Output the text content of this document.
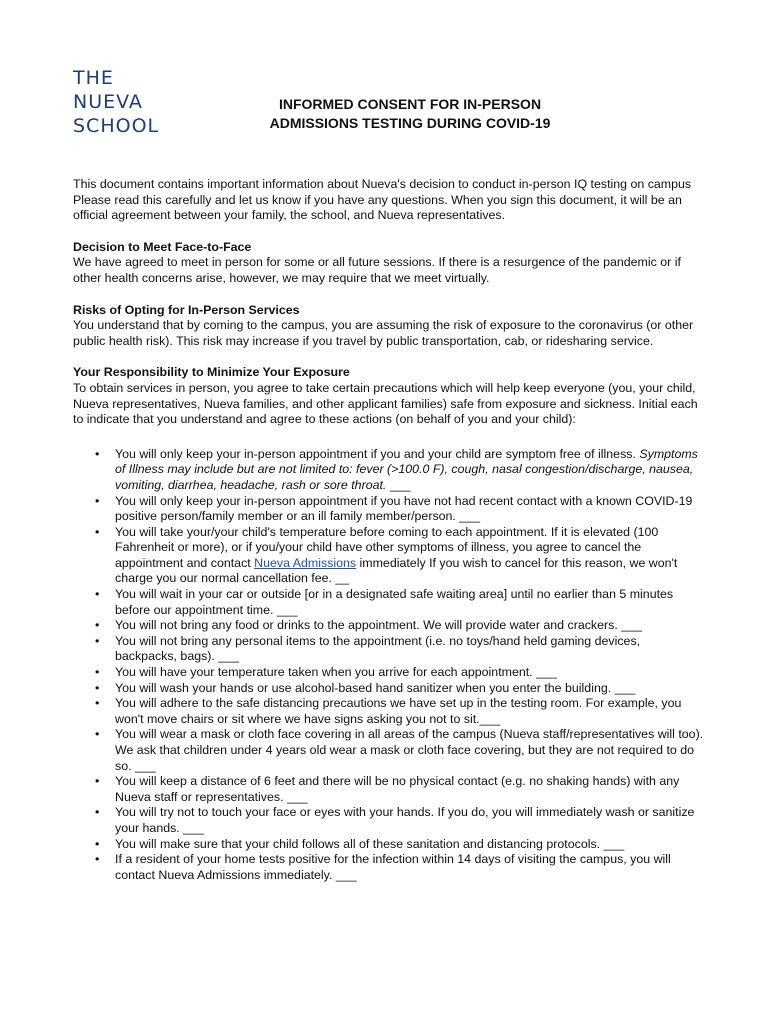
THE
NUEVA
SCHOOL
INFORMED CONSENT FOR IN-PERSON
ADMISSIONS TESTING DURING COVID-19

This document contains important information about Nueva's decision to conduct in-person IQ testing on campus Please read this carefully and let us know if you have any questions. When you sign this document, it will be an official agreement between your family, the school, and Nueva representatives.

Decision to Meet Face-to-Face

We have agreed to meet in person for some or all future sessions. If there is a resurgence of the pandemic or if other health concerns arise, however, we may require that we meet virtually.

Risks of Opting for In-Person Services

You understand that by coming to the campus, you are assuming the risk of exposure to the coronavirus (or other public health risk). This risk may increase if you travel by public transportation, cab, or ridesharing service.

Your Responsibility to Minimize Your Exposure

To obtain services in person, you agree to take certain precautions which will help keep everyone (you, your child, Nueva representatives, Nueva families, and other applicant families) safe from exposure and sickness. Initial each to indicate that you understand and agree to these actions (on behalf of you and your child):

• You will only keep your in-person appointment if you and your child are symptom free of illness. Symptoms of Illness may include but are not limited to: fever (>100.0 F), cough, nasal congestion/discharge, nausea, vomiting, diarrhea, headache, rash or sore throat. ___
• You will only keep your in-person appointment if you have not had recent contact with a known COVID-19 positive person/family member or an ill family member/person. ___
• You will take your/your child's temperature before coming to each appointment. If it is elevated (100 Fahrenheit or more), or if you/your child have other symptoms of illness, you agree to cancel the appointment and contact Nueva Admissions immediately If you wish to cancel for this reason, we won't charge you our normal cancellation fee. __
• You will wait in your car or outside [or in a designated safe waiting area] until no earlier than 5 minutes before our appointment time. ___
• You will not bring any food or drinks to the appointment. We will provide water and crackers. ___
• You will not bring any personal items to the appointment (i.e. no toys/hand held gaming devices, backpacks, bags). ___
• You will have your temperature taken when you arrive for each appointment. ___
• You will wash your hands or use alcohol-based hand sanitizer when you enter the building. ___
• You will adhere to the safe distancing precautions we have set up in the testing room. For example, you won't move chairs or sit where we have signs asking you not to sit.___
• You will wear a mask or cloth face covering in all areas of the campus (Nueva staff/representatives will too). We ask that children under 4 years old wear a mask or cloth face covering, but they are not required to do so. ___
• You will keep a distance of 6 feet and there will be no physical contact (e.g. no shaking hands) with any Nueva staff or representatives. ___
• You will try not to touch your face or eyes with your hands. If you do, you will immediately wash or sanitize your hands. ___
• You will make sure that your child follows all of these sanitation and distancing protocols. ___
• If a resident of your home tests positive for the infection within 14 days of visiting the campus, you will contact Nueva Admissions immediately. ___
